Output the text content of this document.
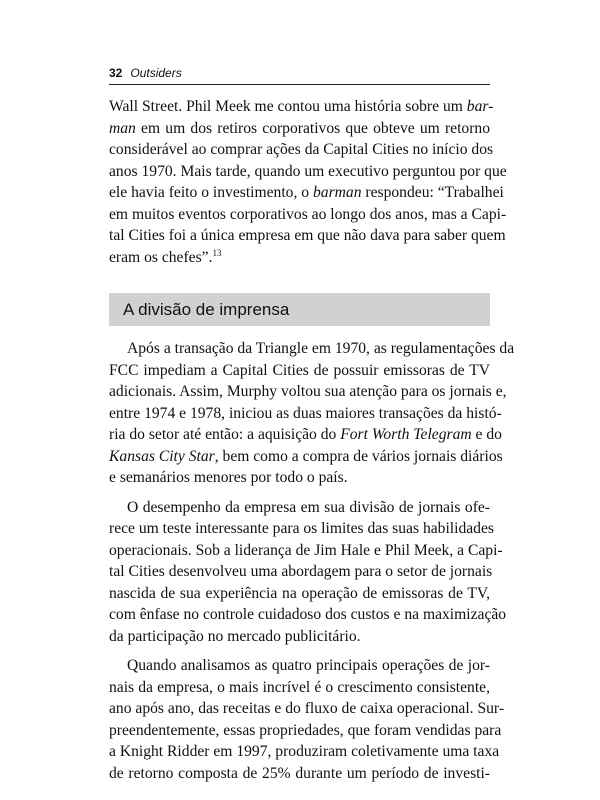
32 Outsiders
Wall Street. Phil Meek me contou uma história sobre um bar-
man em um dos retiros corporativos que obteve um retorno
considerável ao comprar ações da Capital Cities no início dos
anos 1970. Mais tarde, quando um executivo perguntou por que
ele havia feito o investimento, o barman respondeu: “Trabalhei
em muitos eventos corporativos ao longo dos anos, mas a Capi-
tal Cities foi a única empresa em que não dava para saber quem
eram os chefes”.$^{13}$
A divisão de imprensa
Após a transação da Triangle em 1970, as regulamentações da
FCC impediam a Capital Cities de possuir emissoras de TV
adicionais. Assim, Murphy voltou sua atenção para os jornais e,
entre 1974 e 1978, iniciou as duas maiores transações da histó-
ria do setor até então: a aquisição do Fort Worth Telegram e do
Kansas City Star, bem como a compra de vários jornais diários
e semanários menores por todo o país.
O desempenho da empresa em sua divisão de jornais ofe-
rece um teste interessante para os limites das suas habilidades
operacionais. Sob a liderança de Jim Hale e Phil Meek, a Capi-
tal Cities desenvolveu uma abordagem para o setor de jornais
nascida de sua experiência na operação de emissoras de TV,
com ênfase no controle cuidadoso dos custos e na maximização
da participação no mercado publicitário.
Quando analisamos as quatro principais operações de jor-
nais da empresa, o mais incrível é o crescimento consistente,
ano após ano, das receitas e do fluxo de caixa operacional. Sur-
preendentemente, essas propriedades, que foram vendidas para
a Knight Ridder em 1997, produziram coletivamente uma taxa
de retorno composta de 25% durante um período de investi-
